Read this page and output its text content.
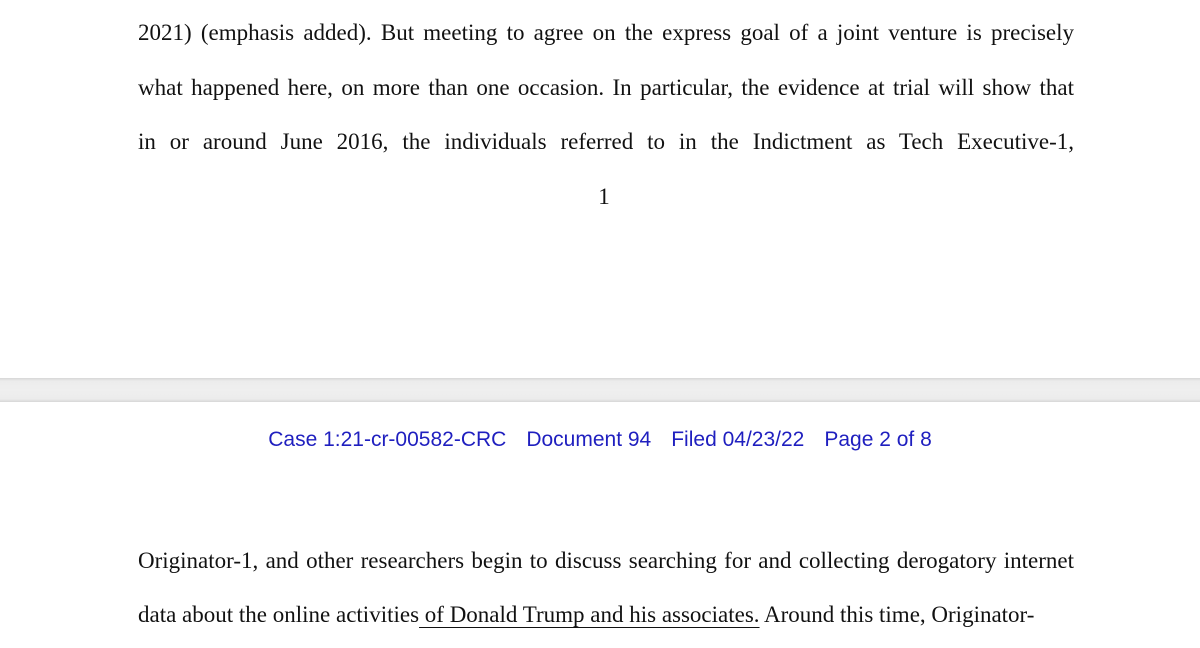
2021) (emphasis added). But meeting to agree on the express goal of a joint venture is precisely
what happened here, on more than one occasion. In particular, the evidence at trial will show that
in or around June 2016, the individuals referred to in the Indictment as Tech Executive-1,
1
Case 1:21-cr-00582-CRC Document 94 Filed 04/23/22 Page 2 of 8
Originator-1, and other researchers begin to discuss searching for and collecting derogatory internet
data about the online activities of Donald Trump and his associates. Around this time, Originator-
